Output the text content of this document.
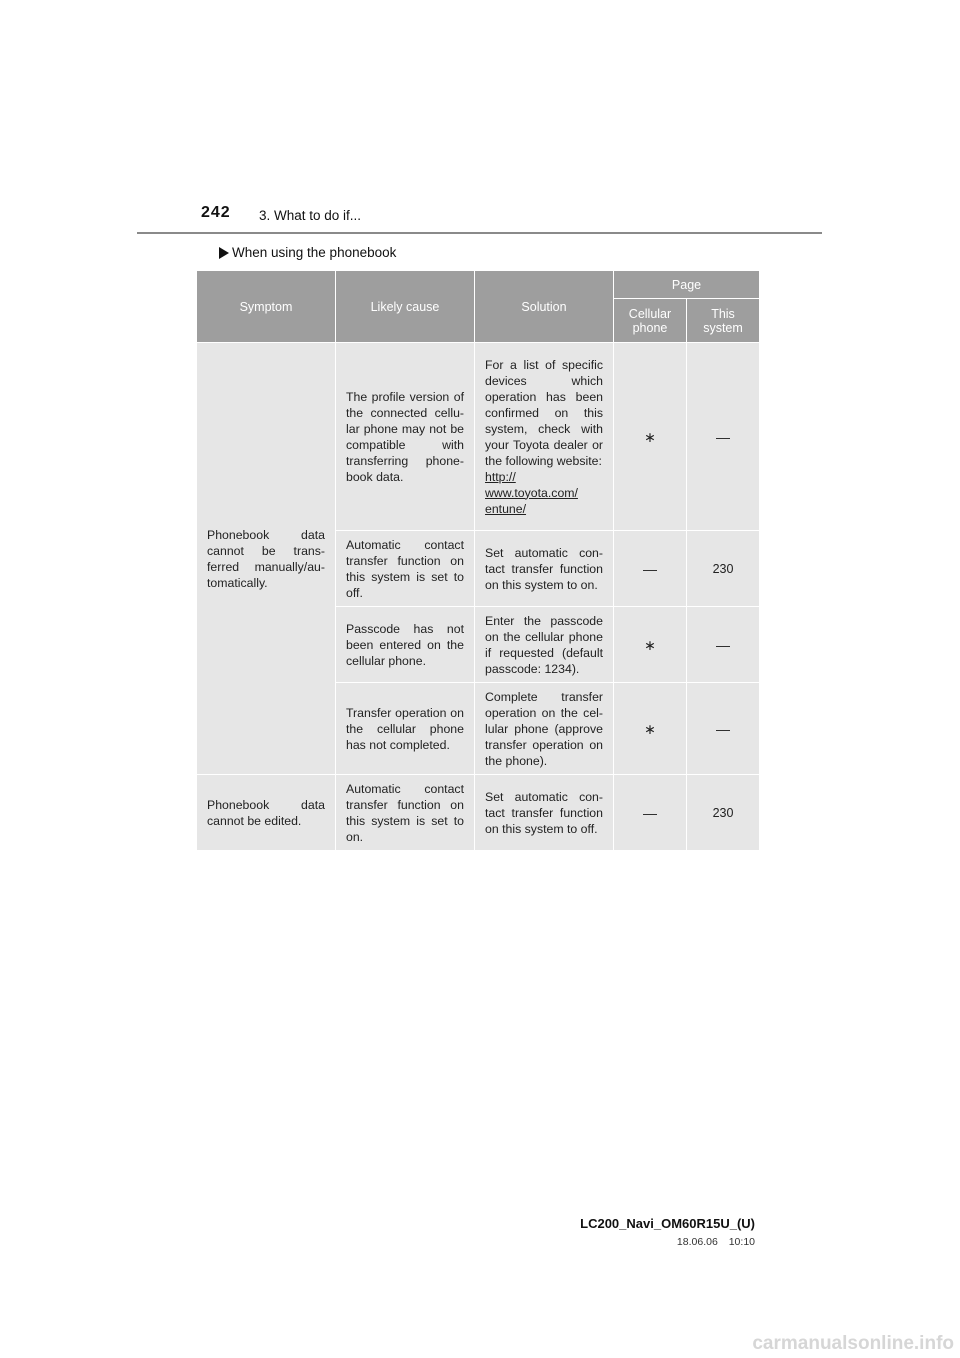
242 3. What to do if...
When using the phonebook
Symptom	Likely cause	Solution	Page	
			Cellular phone	This system
Phonebook data cannot be trans-ferred manually/au-tomatically.	The profile version of the connected cellu-lar phone may not be compatible with transferring phone-book data.	For a list of specific devices which operation has been confirmed on this system, check with your Toyota dealer or the following website:
http://
www.toyota.com/
entune/	∗	—
	Automatic contact transfer function on this system is set to off.	Set automatic con-tact transfer function on this system to on.	—	230
	Passcode has not been entered on the cellular phone.	Enter the passcode on the cellular phone if requested (default passcode: 1234).	∗	—
	Transfer operation on the cellular phone has not completed.	Complete transfer operation on the cel-lular phone (approve transfer operation on the phone).	∗	—
Phonebook data cannot be edited.	Automatic contact transfer function on this system is set to on.	Set automatic con-tact transfer function on this system to off.	—	230
LC200_Navi_OM60R15U_(U)
18.06.06 10:10
carmanualsonline.info
